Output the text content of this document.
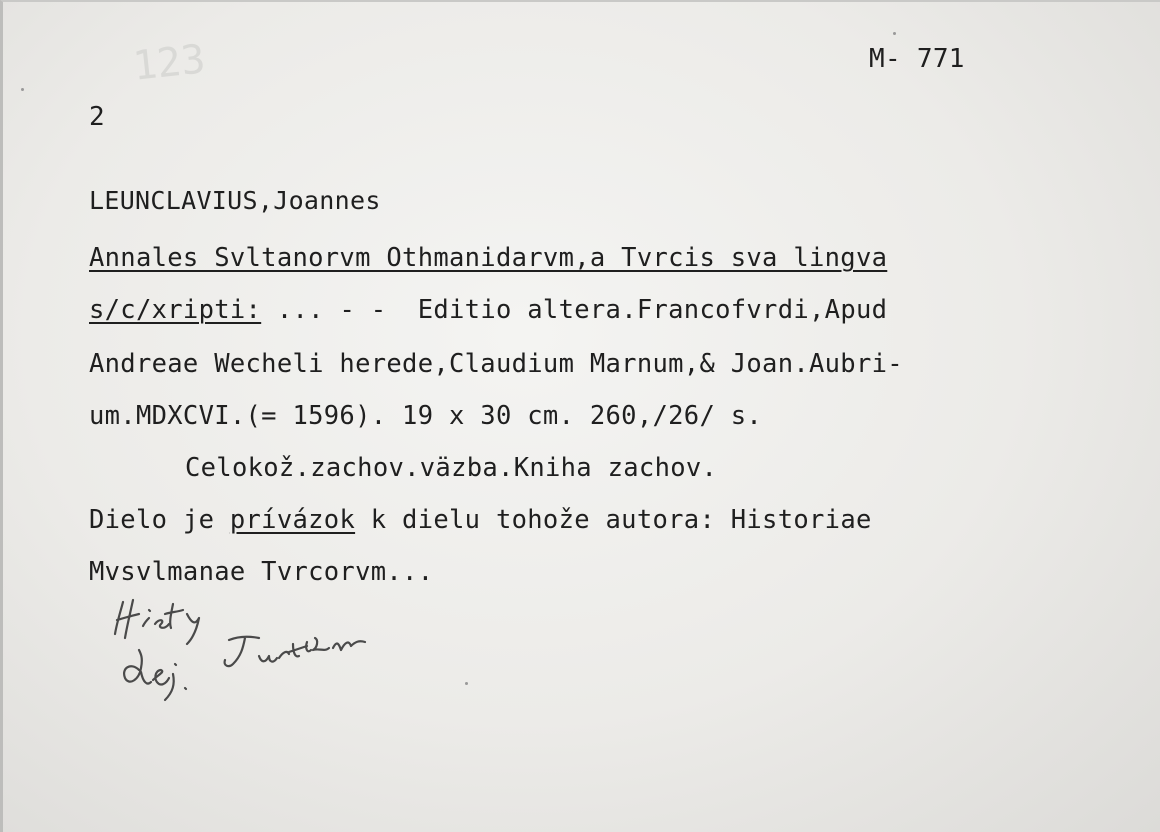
123	M- 771
2
LEUNCLAVIUS,Joannes
Annales Svltanorvm Othmanidarvm,a Tvrcis sva lingva
s/c/xripti: ... - -  Editio altera.Francofvrdi,Apud
Andreae Wecheli herede,Claudium Marnum,& Joan.Aubri-
um.MDXCVI.(= 1596). 19 x 30 cm. 260,/26/ s.
Celokož.zachov.väzba.Kniha zachov.
Dielo je prívázok k dielu tohože autora: Historiae
Mvsvlmanae Tvrcorvm...
